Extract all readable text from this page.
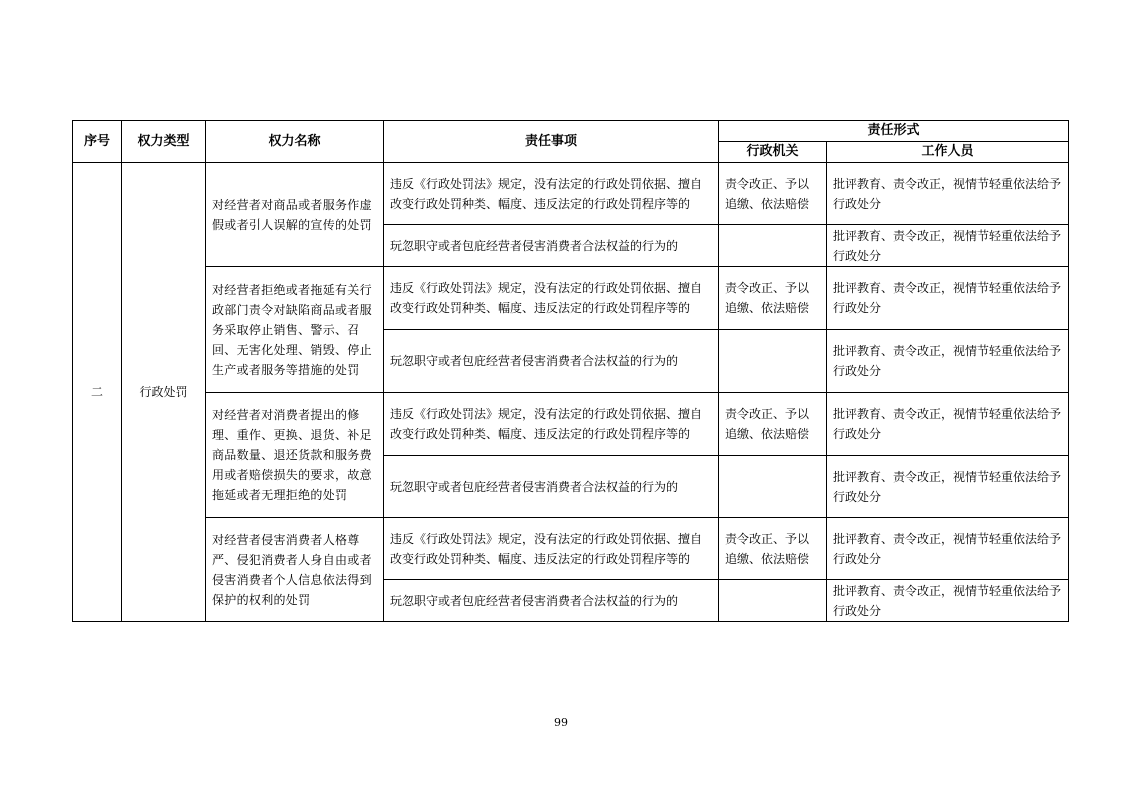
序号	权力类型	权力名称	责任事项	责任形式	
				行政机关	工作人员
二	行政处罚	对经营者对商品或者服务作虚假或者引人误解的宣传的处罚	违反《行政处罚法》规定，没有法定的行政处罚依据、擅自改变行政处罚种类、幅度、违反法定的行政处罚程序等的	责令改正、予以追缴、依法赔偿	批评教育、责令改正，视情节轻重依法给予行政处分
			玩忽职守或者包庇经营者侵害消费者合法权益的行为的		批评教育、责令改正，视情节轻重依法给予行政处分
		对经营者拒绝或者拖延有关行政部门责令对缺陷商品或者服务采取停止销售、警示、召回、无害化处理、销毁、停止生产或者服务等措施的处罚	违反《行政处罚法》规定，没有法定的行政处罚依据、擅自改变行政处罚种类、幅度、违反法定的行政处罚程序等的	责令改正、予以追缴、依法赔偿	批评教育、责令改正，视情节轻重依法给予行政处分
			玩忽职守或者包庇经营者侵害消费者合法权益的行为的		批评教育、责令改正，视情节轻重依法给予行政处分
		对经营者对消费者提出的修理、重作、更换、退货、补足商品数量、退还货款和服务费用或者赔偿损失的要求，故意拖延或者无理拒绝的处罚	违反《行政处罚法》规定，没有法定的行政处罚依据、擅自改变行政处罚种类、幅度、违反法定的行政处罚程序等的	责令改正、予以追缴、依法赔偿	批评教育、责令改正，视情节轻重依法给予行政处分
			玩忽职守或者包庇经营者侵害消费者合法权益的行为的		批评教育、责令改正，视情节轻重依法给予行政处分
		对经营者侵害消费者人格尊严、侵犯消费者人身自由或者侵害消费者个人信息依法得到保护的权利的处罚	违反《行政处罚法》规定，没有法定的行政处罚依据、擅自改变行政处罚种类、幅度、违反法定的行政处罚程序等的	责令改正、予以追缴、依法赔偿	批评教育、责令改正，视情节轻重依法给予行政处分
			玩忽职守或者包庇经营者侵害消费者合法权益的行为的		批评教育、责令改正，视情节轻重依法给予行政处分
99
